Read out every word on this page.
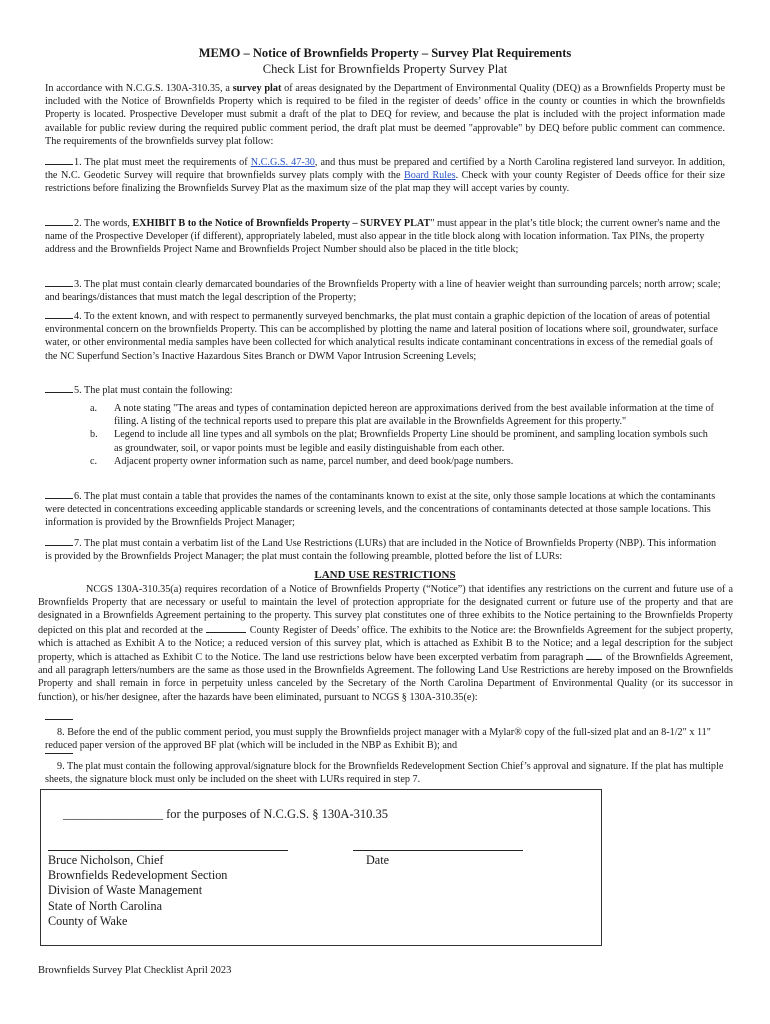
MEMO – Notice of Brownfields Property – Survey Plat Requirements
Check List for Brownfields Property Survey Plat
In accordance with N.C.G.S. 130A-310.35, a survey plat of areas designated by the Department of Environmental Quality (DEQ) as a Brownfields Property must be included with the Notice of Brownfields Property which is required to be filed in the register of deeds’ office in the county or counties in which the brownfields Property is located. Prospective Developer must submit a draft of the plat to DEQ for review, and because the plat is included with the project information made available for public review during the required public comment period, the draft plat must be deemed "approvable" by DEQ before public comment can commence. The requirements of the brownfields survey plat follow:
1. The plat must meet the requirements of N.C.G.S. 47-30, and thus must be prepared and certified by a North Carolina registered land surveyor. In addition, the N.C. Geodetic Survey will require that brownfields survey plats comply with the Board Rules. Check with your county Register of Deeds office for their size restrictions before finalizing the Brownfields Survey Plat as the maximum size of the plat map they will accept varies by county.
2. The words, EXHIBIT B to the Notice of Brownfields Property – SURVEY PLAT" must appear in the plat’s title block; the current owner's name and the name of the Prospective Developer (if different), appropriately labeled, must also appear in the title block along with location information. Tax PINs, the property address and the Brownfields Project Name and Brownfields Project Number should also be placed in the title block;
3. The plat must contain clearly demarcated boundaries of the Brownfields Property with a line of heavier weight than surrounding parcels; north arrow; scale; and bearings/distances that must match the legal description of the Property;
4. To the extent known, and with respect to permanently surveyed benchmarks, the plat must contain a graphic depiction of the location of areas of potential environmental concern on the brownfields Property. This can be accomplished by plotting the name and lateral position of locations where soil, groundwater, surface water, or other environmental media samples have been collected for which analytical results indicate contaminant concentrations in excess of the remedial goals of the NC Superfund Section’s Inactive Hazardous Sites Branch or DWM Vapor Intrusion Screening Levels;
5. The plat must contain the following:
a.	A note stating "The areas and types of contamination depicted hereon are approximations derived from the best available information at the time of filing. A listing of the technical reports used to prepare this plat are available in the Brownfields Agreement for this property."
b.	Legend to include all line types and all symbols on the plat; Brownfields Property Line should be prominent, and sampling location symbols such as groundwater, soil, or vapor points must be legible and easily distinguishable from each other.
c.	Adjacent property owner information such as name, parcel number, and deed book/page numbers.
6. The plat must contain a table that provides the names of the contaminants known to exist at the site, only those sample locations at which the contaminants were detected in concentrations exceeding applicable standards or screening levels, and the concentrations of contaminants detected at those sample locations. This information is provided by the Brownfields Project Manager;
7. The plat must contain a verbatim list of the Land Use Restrictions (LURs) that are included in the Notice of Brownfields Property (NBP). This information is provided by the Brownfields Project Manager; the plat must contain the following preamble, plotted before the list of LURs:
LAND USE RESTRICTIONS
NCGS 130A-310.35(a) requires recordation of a Notice of Brownfields Property (“Notice”) that identifies any restrictions on the current and future use of a Brownfields Property that are necessary or useful to maintain the level of protection appropriate for the designated current or future use of the property and that are designated in a Brownfields Agreement pertaining to the property. This survey plat constitutes one of three exhibits to the Notice pertaining to the Brownfields Property depicted on this plat and recorded at the	County Register of Deeds’ office. The exhibits to the Notice are: the Brownfields Agreement for the subject property, which is attached as Exhibit A to the Notice; a reduced version of this survey plat, which is attached as Exhibit B to the Notice; and a legal description for the subject property, which is attached as Exhibit C to the Notice. The land use restrictions below have been excerpted verbatim from paragraph  of the Brownfields Agreement, and all paragraph letters/numbers are the same as those used in the Brownfields Agreement. The following Land Use Restrictions are hereby imposed on the Brownfields Property and shall remain in force in perpetuity unless canceled by the Secretary of the North Carolina Department of Environmental Quality (or its successor in function), or his/her designee, after the hazards have been eliminated, pursuant to NCGS § 130A-310.35(e):
8. Before the end of the public comment period, you must supply the Brownfields project manager with a Mylar® copy of the full-sized plat and an 8-1/2" x 11" reduced paper version of the approved BF plat (which will be included in the NBP as Exhibit B); and
9. The plat must contain the following approval/signature block for the Brownfields Redevelopment Section Chief’s approval and signature. If the plat has multiple sheets, the signature block must only be included on the sheet with LURs required in step 7.
________________ for the purposes of N.C.G.S. § 130A-310.35
Bruce Nicholson, Chief
Brownfields Redevelopment Section
Division of Waste Management
State of North Carolina
County of Wake
Date
Brownfields Survey Plat Checklist April 2023
